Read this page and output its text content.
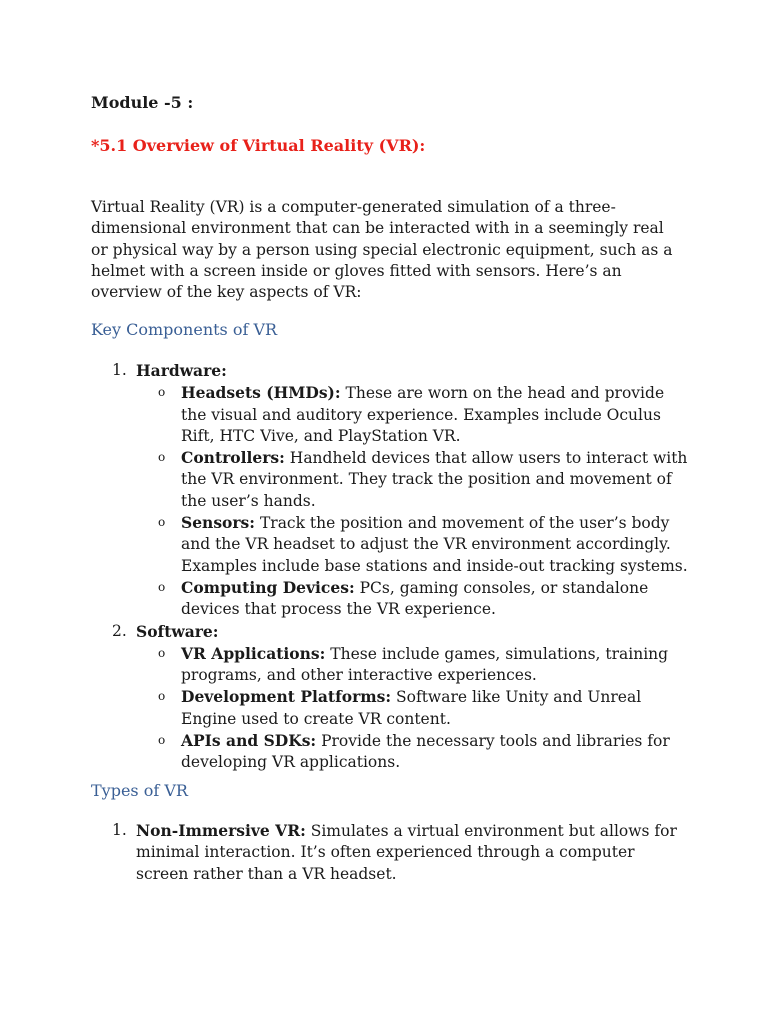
Module -5 :
*5.1 Overview of Virtual Reality (VR):

Virtual Reality (VR) is a computer-generated simulation of a three-dimensional environment that can be interacted with in a seemingly real or physical way by a person using special electronic equipment, such as a helmet with a screen inside or gloves fitted with sensors. Here’s an overview of the key aspects of VR:

Key Components of VR
1. Hardware:
o Headsets (HMDs): These are worn on the head and provide the visual and auditory experience. Examples include Oculus Rift, HTC Vive, and PlayStation VR.
o Controllers: Handheld devices that allow users to interact with the VR environment. They track the position and movement of the user’s hands.
o Sensors: Track the position and movement of the user’s body and the VR headset to adjust the VR environment accordingly. Examples include base stations and inside-out tracking systems.
o Computing Devices: PCs, gaming consoles, or standalone devices that process the VR experience.
2. Software:
o VR Applications: These include games, simulations, training programs, and other interactive experiences.
o Development Platforms: Software like Unity and Unreal Engine used to create VR content.
o APIs and SDKs: Provide the necessary tools and libraries for developing VR applications.
Types of VR
1. Non-Immersive VR: Simulates a virtual environment but allows for minimal interaction. It’s often experienced through a computer screen rather than a VR headset.
